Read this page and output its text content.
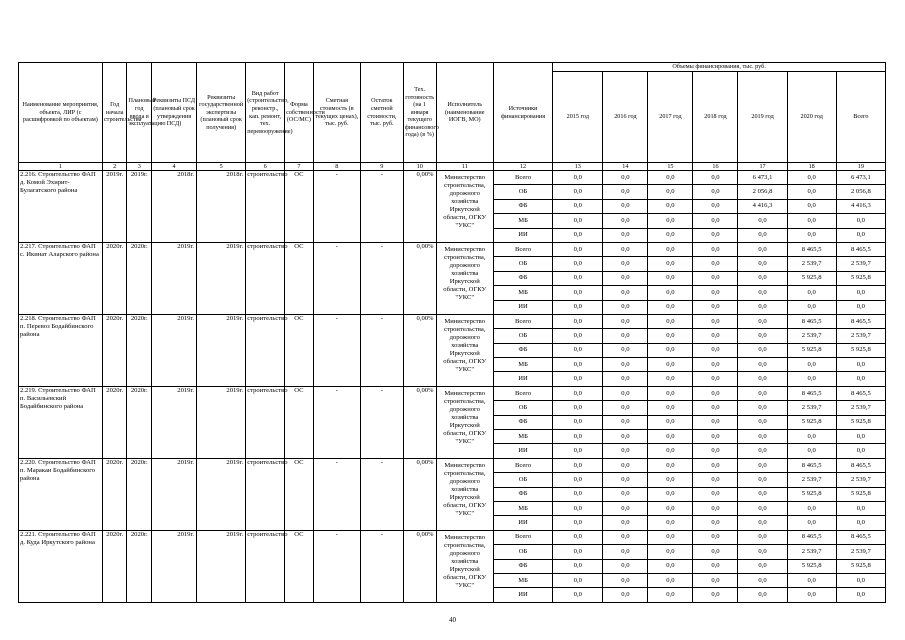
Наименование мероприятия, объекта, ЛИР (с расшифровкой по объектам)	Год начала строительства	Плановый год ввода в эксплуатацию	Реквизиты ПСД (плановый срок утверждения ПСД)	Реквизиты государственной экспертизы (плановый срок получения)	Вид работ (строительство, реконстр., кап. ремонт, тех. перевооружение)	Форма собственности (ОС/МС)	Сметная стоимость (в текущих ценах), тыс. руб.	Остаток сметной стоимости, тыс. руб.	Тех. готовность (на 1 января текущего финансового года) (в %)	Исполнитель (наименование ИОГВ, МО)	Источники финансирования	Объемы финансирования, тыс. руб.						
												2015 год	2016 год	2017 год	2018 год	2019 год	2020 год	Всего
1	2	3	4	5	6	7	8	9	10	11	12	13	14	15	16	17	18	19
2.216. Строительство ФАП д. Комой Эхирит-Булагатского района	2019г.	2019г.	2018г.	2018г.	строительство	ОС	-	-	0,00%	Министерство строительства, дорожного хозяйства Иркутской области, ОГКУ "УКС"	Всего	0,0	0,0	0,0	0,0	6 473,1	0,0	6 473,1
											ОБ	0,0	0,0	0,0	0,0	2 056,8	0,0	2 056,8
											ФБ	0,0	0,0	0,0	0,0	4 416,3	0,0	4 416,3
											МБ	0,0	0,0	0,0	0,0	0,0	0,0	0,0
											ИИ	0,0	0,0	0,0	0,0	0,0	0,0	0,0
2.217. Строительство ФАП с. Икинат Аларского района	2020г.	2020г.	2019г.	2019г.	строительство	ОС	-	-	0,00%	Министерство строительства, дорожного хозяйства Иркутской области, ОГКУ "УКС"	Всего	0,0	0,0	0,0	0,0	0,0	8 465,5	8 465,5
											ОБ	0,0	0,0	0,0	0,0	0,0	2 539,7	2 539,7
											ФБ	0,0	0,0	0,0	0,0	0,0	5 925,8	5 925,8
											МБ	0,0	0,0	0,0	0,0	0,0	0,0	0,0
											ИИ	0,0	0,0	0,0	0,0	0,0	0,0	0,0
2.218. Строительство ФАП п. Перевоз Бодайбинского района	2020г.	2020г.	2019г.	2019г.	строительство	ОС	-	-	0,00%	Министерство строительства, дорожного хозяйства Иркутской области, ОГКУ "УКС"	Всего	0,0	0,0	0,0	0,0	0,0	8 465,5	8 465,5
											ОБ	0,0	0,0	0,0	0,0	0,0	2 539,7	2 539,7
											ФБ	0,0	0,0	0,0	0,0	0,0	5 925,8	5 925,8
											МБ	0,0	0,0	0,0	0,0	0,0	0,0	0,0
											ИИ	0,0	0,0	0,0	0,0	0,0	0,0	0,0
2.219. Строительство ФАП п. Васильевский Бодайбинского района	2020г.	2020г.	2019г.	2019г.	строительство	ОС	-	-	0,00%	Министерство строительства, дорожного хозяйства Иркутской области, ОГКУ "УКС"	Всего	0,0	0,0	0,0	0,0	0,0	8 465,5	8 465,5
											ОБ	0,0	0,0	0,0	0,0	0,0	2 539,7	2 539,7
											ФБ	0,0	0,0	0,0	0,0	0,0	5 925,8	5 925,8
											МБ	0,0	0,0	0,0	0,0	0,0	0,0	0,0
											ИИ	0,0	0,0	0,0	0,0	0,0	0,0	0,0
2.220. Строительство ФАП п. Маракан Бодайбинского района	2020г.	2020г.	2019г.	2019г.	строительство	ОС	-	-	0,00%	Министерство строительства, дорожного хозяйства Иркутской области, ОГКУ "УКС"	Всего	0,0	0,0	0,0	0,0	0,0	8 465,5	8 465,5
											ОБ	0,0	0,0	0,0	0,0	0,0	2 539,7	2 539,7
											ФБ	0,0	0,0	0,0	0,0	0,0	5 925,8	5 925,8
											МБ	0,0	0,0	0,0	0,0	0,0	0,0	0,0
											ИИ	0,0	0,0	0,0	0,0	0,0	0,0	0,0
2.221. Строительство ФАП д. Куда Иркутского района	2020г.	2020г.	2019г.	2019г.	строительство	ОС	-	-	0,00%	Министерство строительства, дорожного хозяйства Иркутской области, ОГКУ "УКС"	Всего	0,0	0,0	0,0	0,0	0,0	8 465,5	8 465,5
											ОБ	0,0	0,0	0,0	0,0	0,0	2 539,7	2 539,7
											ФБ	0,0	0,0	0,0	0,0	0,0	5 925,8	5 925,8
											МБ	0,0	0,0	0,0	0,0	0,0	0,0	0,0
											ИИ	0,0	0,0	0,0	0,0	0,0	0,0	0,0
40
